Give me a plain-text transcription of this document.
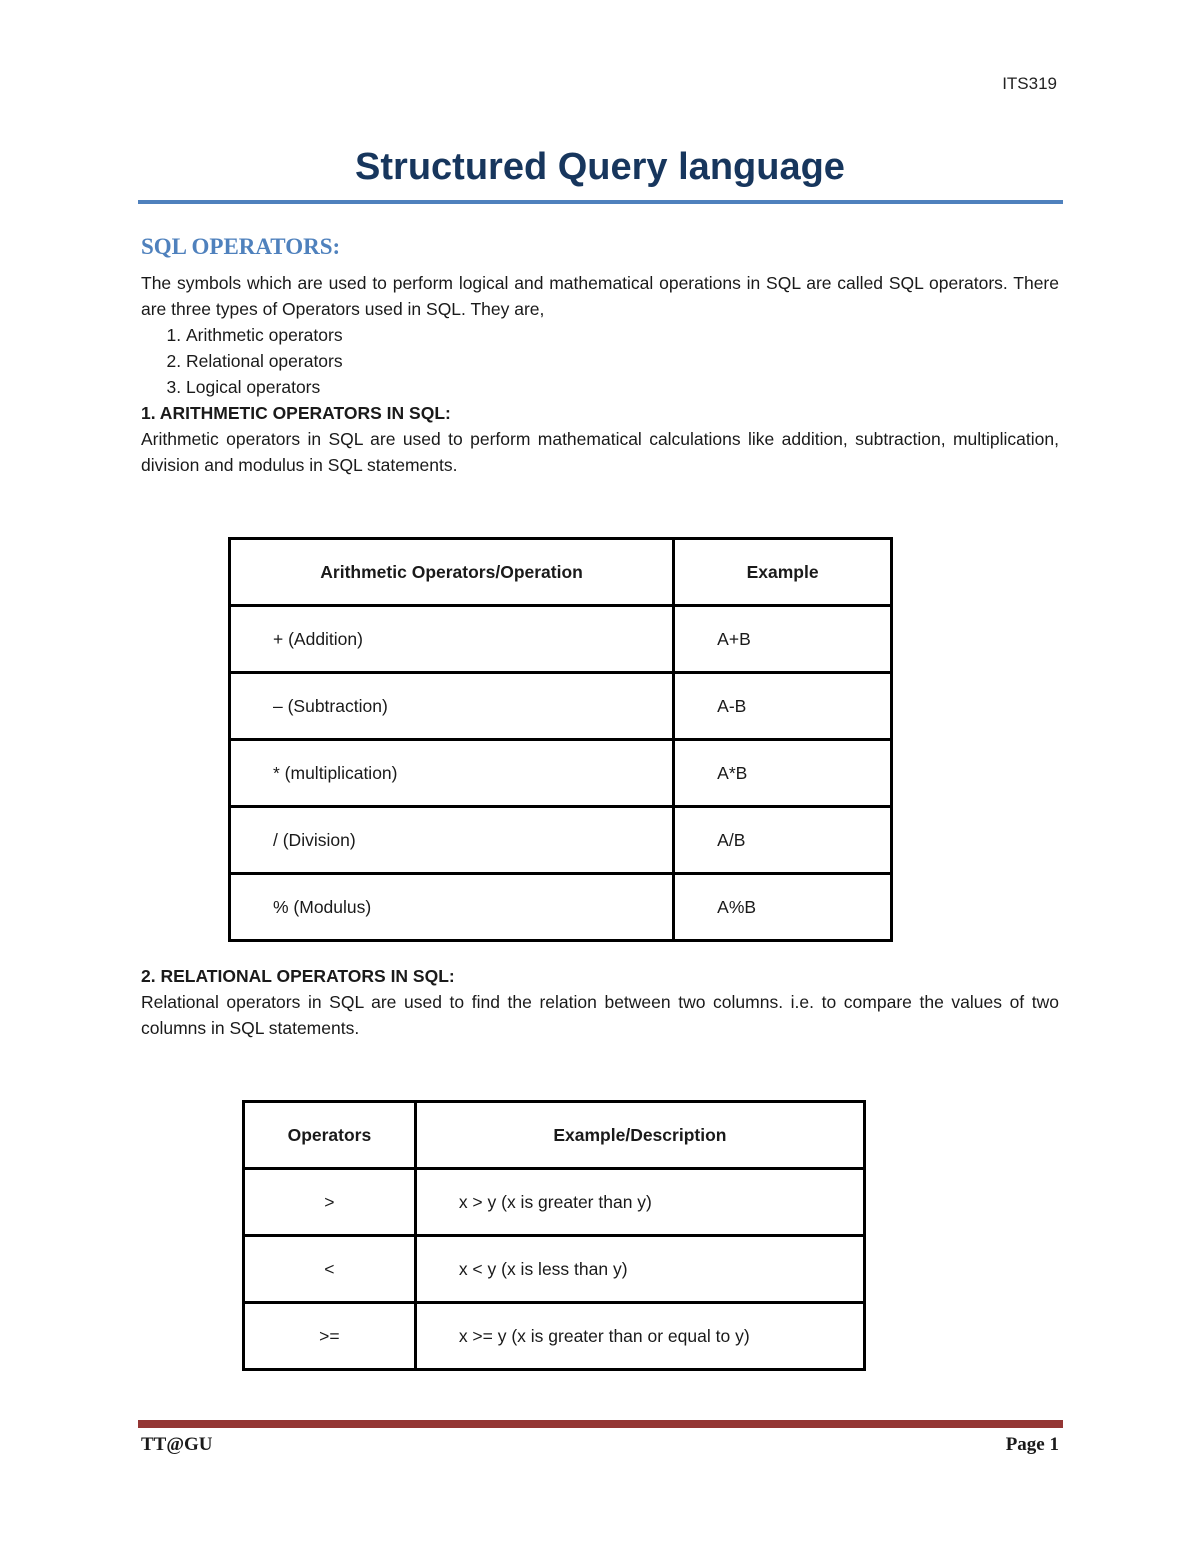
ITS319
Structured Query language
SQL OPERATORS:

The symbols which are used to perform logical and mathematical operations in SQL are called SQL operators. There are three types of Operators used in SQL. They are,

1. Arithmetic operators
2. Relational operators
3. Logical operators

1. ARITHMETIC OPERATORS IN SQL:

Arithmetic operators in SQL are used to perform mathematical calculations like addition, subtraction, multiplication, division and modulus in SQL statements.

Arithmetic Operators/Operation	Example
+ (Addition)	A+B
– (Subtraction)	A-B
* (multiplication)	A*B
/ (Division)	A/B
% (Modulus)	A%B

2. RELATIONAL OPERATORS IN SQL:

Relational operators in SQL are used to find the relation between two columns. i.e. to compare the values of two columns in SQL statements.

Operators	Example/Description
>	x > y (x is greater than y)
<	x < y (x is less than y)
>=	x >= y (x is greater than or equal to y)
TT@GU	Page 1
